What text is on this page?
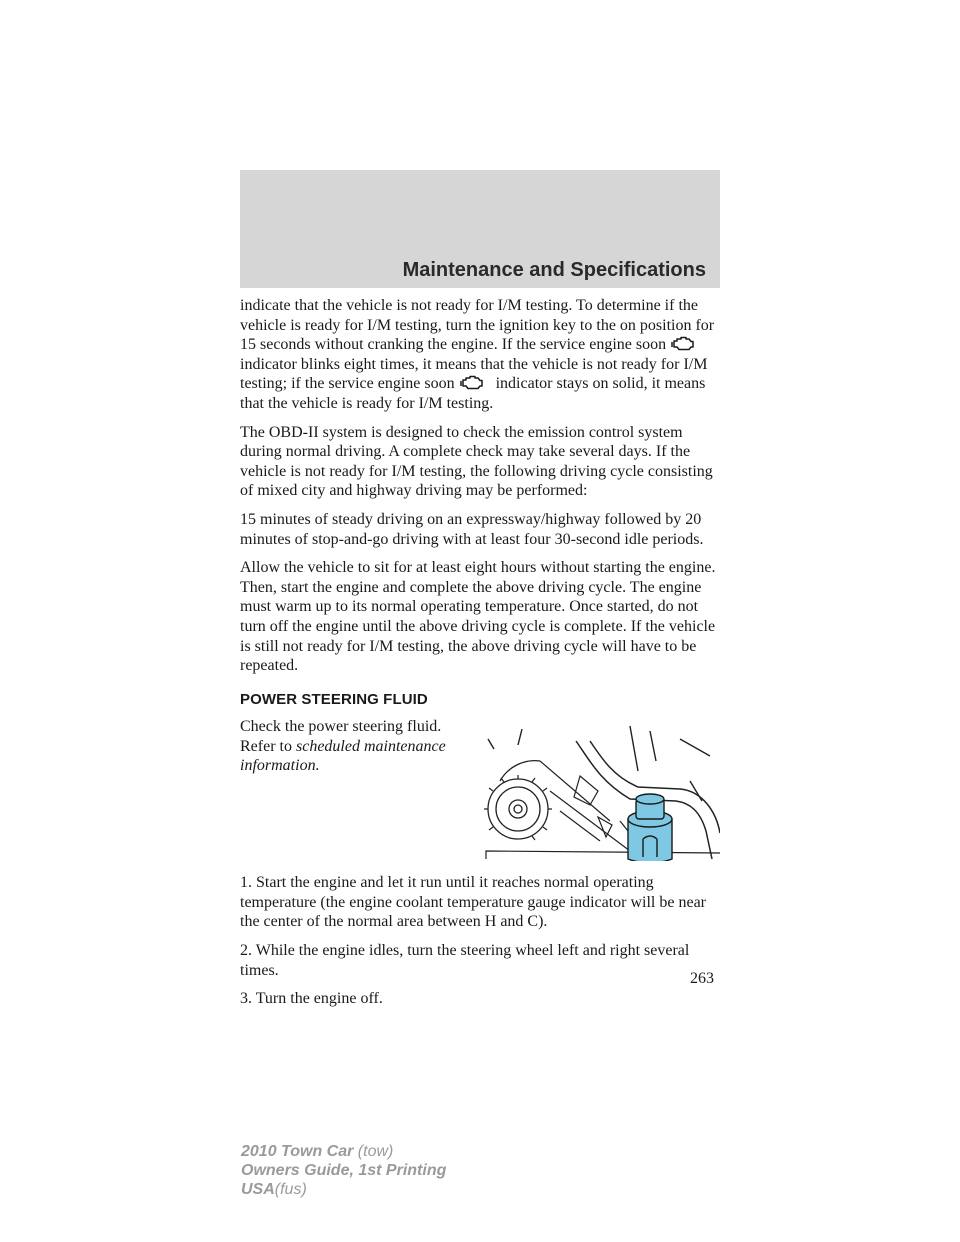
Maintenance and Specifications

indicate that the vehicle is not ready for I/M testing. To determine if the vehicle is ready for I/M testing, turn the ignition key to the on position for 15 seconds without cranking the engine. If the service engine soon  indicator blinks eight times, it means that the vehicle is not ready for I/M testing; if the service engine soon	indicator stays on solid, it means that the vehicle is ready for I/M testing.

The OBD-II system is designed to check the emission control system during normal driving. A complete check may take several days. If the vehicle is not ready for I/M testing, the following driving cycle consisting of mixed city and highway driving may be performed:

15 minutes of steady driving on an expressway/highway followed by 20 minutes of stop-and-go driving with at least four 30-second idle periods.

Allow the vehicle to sit for at least eight hours without starting the engine. Then, start the engine and complete the above driving cycle. The engine must warm up to its normal operating temperature. Once started, do not turn off the engine until the above driving cycle is complete. If the vehicle is still not ready for I/M testing, the above driving cycle will have to be repeated.

POWER STEERING FLUID

Check the power steering fluid. Refer to scheduled maintenance information.

1. Start the engine and let it run until it reaches normal operating temperature (the engine coolant temperature gauge indicator will be near the center of the normal area between H and C).

2. While the engine idles, turn the steering wheel left and right several times.

3. Turn the engine off.

263
2010 Town Car (tow)
Owners Guide, 1st Printing
USA(fus)
